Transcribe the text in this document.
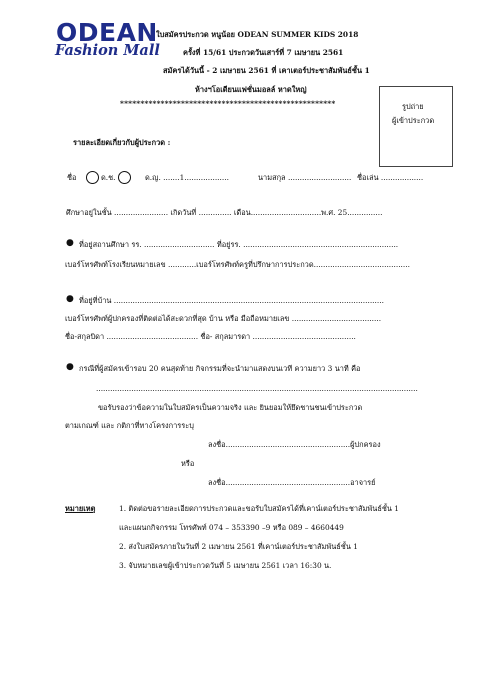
ODEAN
Fashion Mall
ใบสมัครประกวด หนูน้อย ODEAN SUMMER KIDS 2018
ครั้งที่ 15/61 ประกวดวันเสาร์ที่ 7 เมษายน 2561
สมัครได้วันนี้ - 2 เมษายน 2561 ที่ เคาเตอร์ประชาสัมพันธ์ชั้น 1
ห้างฯโอเดียนแฟชั่นมอลล์ หาดใหญ่
*****************************************************	รูปถ่าย
ผู้เข้าประกวด
รายละเอียดเกี่ยวกับผู้ประกวด :
ชื่อ	ด.ช.	ด.ญ. .......1...................	นามสกุล ........................... ชื่อเล่น ..................
ศึกษาอยู่ในชั้น ....................... เกิดวันที่ .............. เดือน..............................พ.ศ. 25...............
● ที่อยู่สถานศึกษา รร. .............................. ที่อยู่รร. ..................................................................
เบอร์โทรศัพท์โรงเรียนหมายเลข ............เบอร์โทรศัพท์ครูที่ปรึกษาการประกวด.........................................
● ที่อยู่ที่บ้าน ...................................................................................................................
เบอร์โทรศัพท์ผู้ปกครองที่ติดต่อได้สะดวกที่สุด บ้าน หรือ มือถือหมายเลข ......................................
ชื่อ-สกุลบิดา ....................................... ชื่อ- สกุลมารดา ............................................
● กรณีที่ผู้สมัครเข้ารอบ 20 คนสุดท้าย กิจกรรมที่จะนำมาแสดงบนเวที ความยาว 3 นาที คือ
.........................................................................................................................................
ขอรับรองว่าข้อความในใบสมัครเป็นความจริง และ ยินยอมให้ยึดชานชนเข้าประกวด
ตามเกณฑ์ และ กติกาที่ทางโครงการระบุ
ลงชื่อ.....................................................ผู้ปกครอง
หรือ
ลงชื่อ.....................................................อาจารย์
หมายเหตุ	1. ติดต่อขอรายละเอียดการประกวดและขอรับใบสมัครได้ที่เคาน์เตอร์ประชาสัมพันธ์ชั้น 1
และแผนกกิจกรรม โทรศัพท์ 074 – 353390 –9 หรือ 089 – 4660449
2. ส่งใบสมัครภายในวันที่ 2 เมษายน 2561 ที่เคาน์เตอร์ประชาสัมพันธ์ชั้น 1
3. จับหมายเลขผู้เข้าประกวดวันที่ 5 เมษายน 2561 เวลา 16:30 น.
